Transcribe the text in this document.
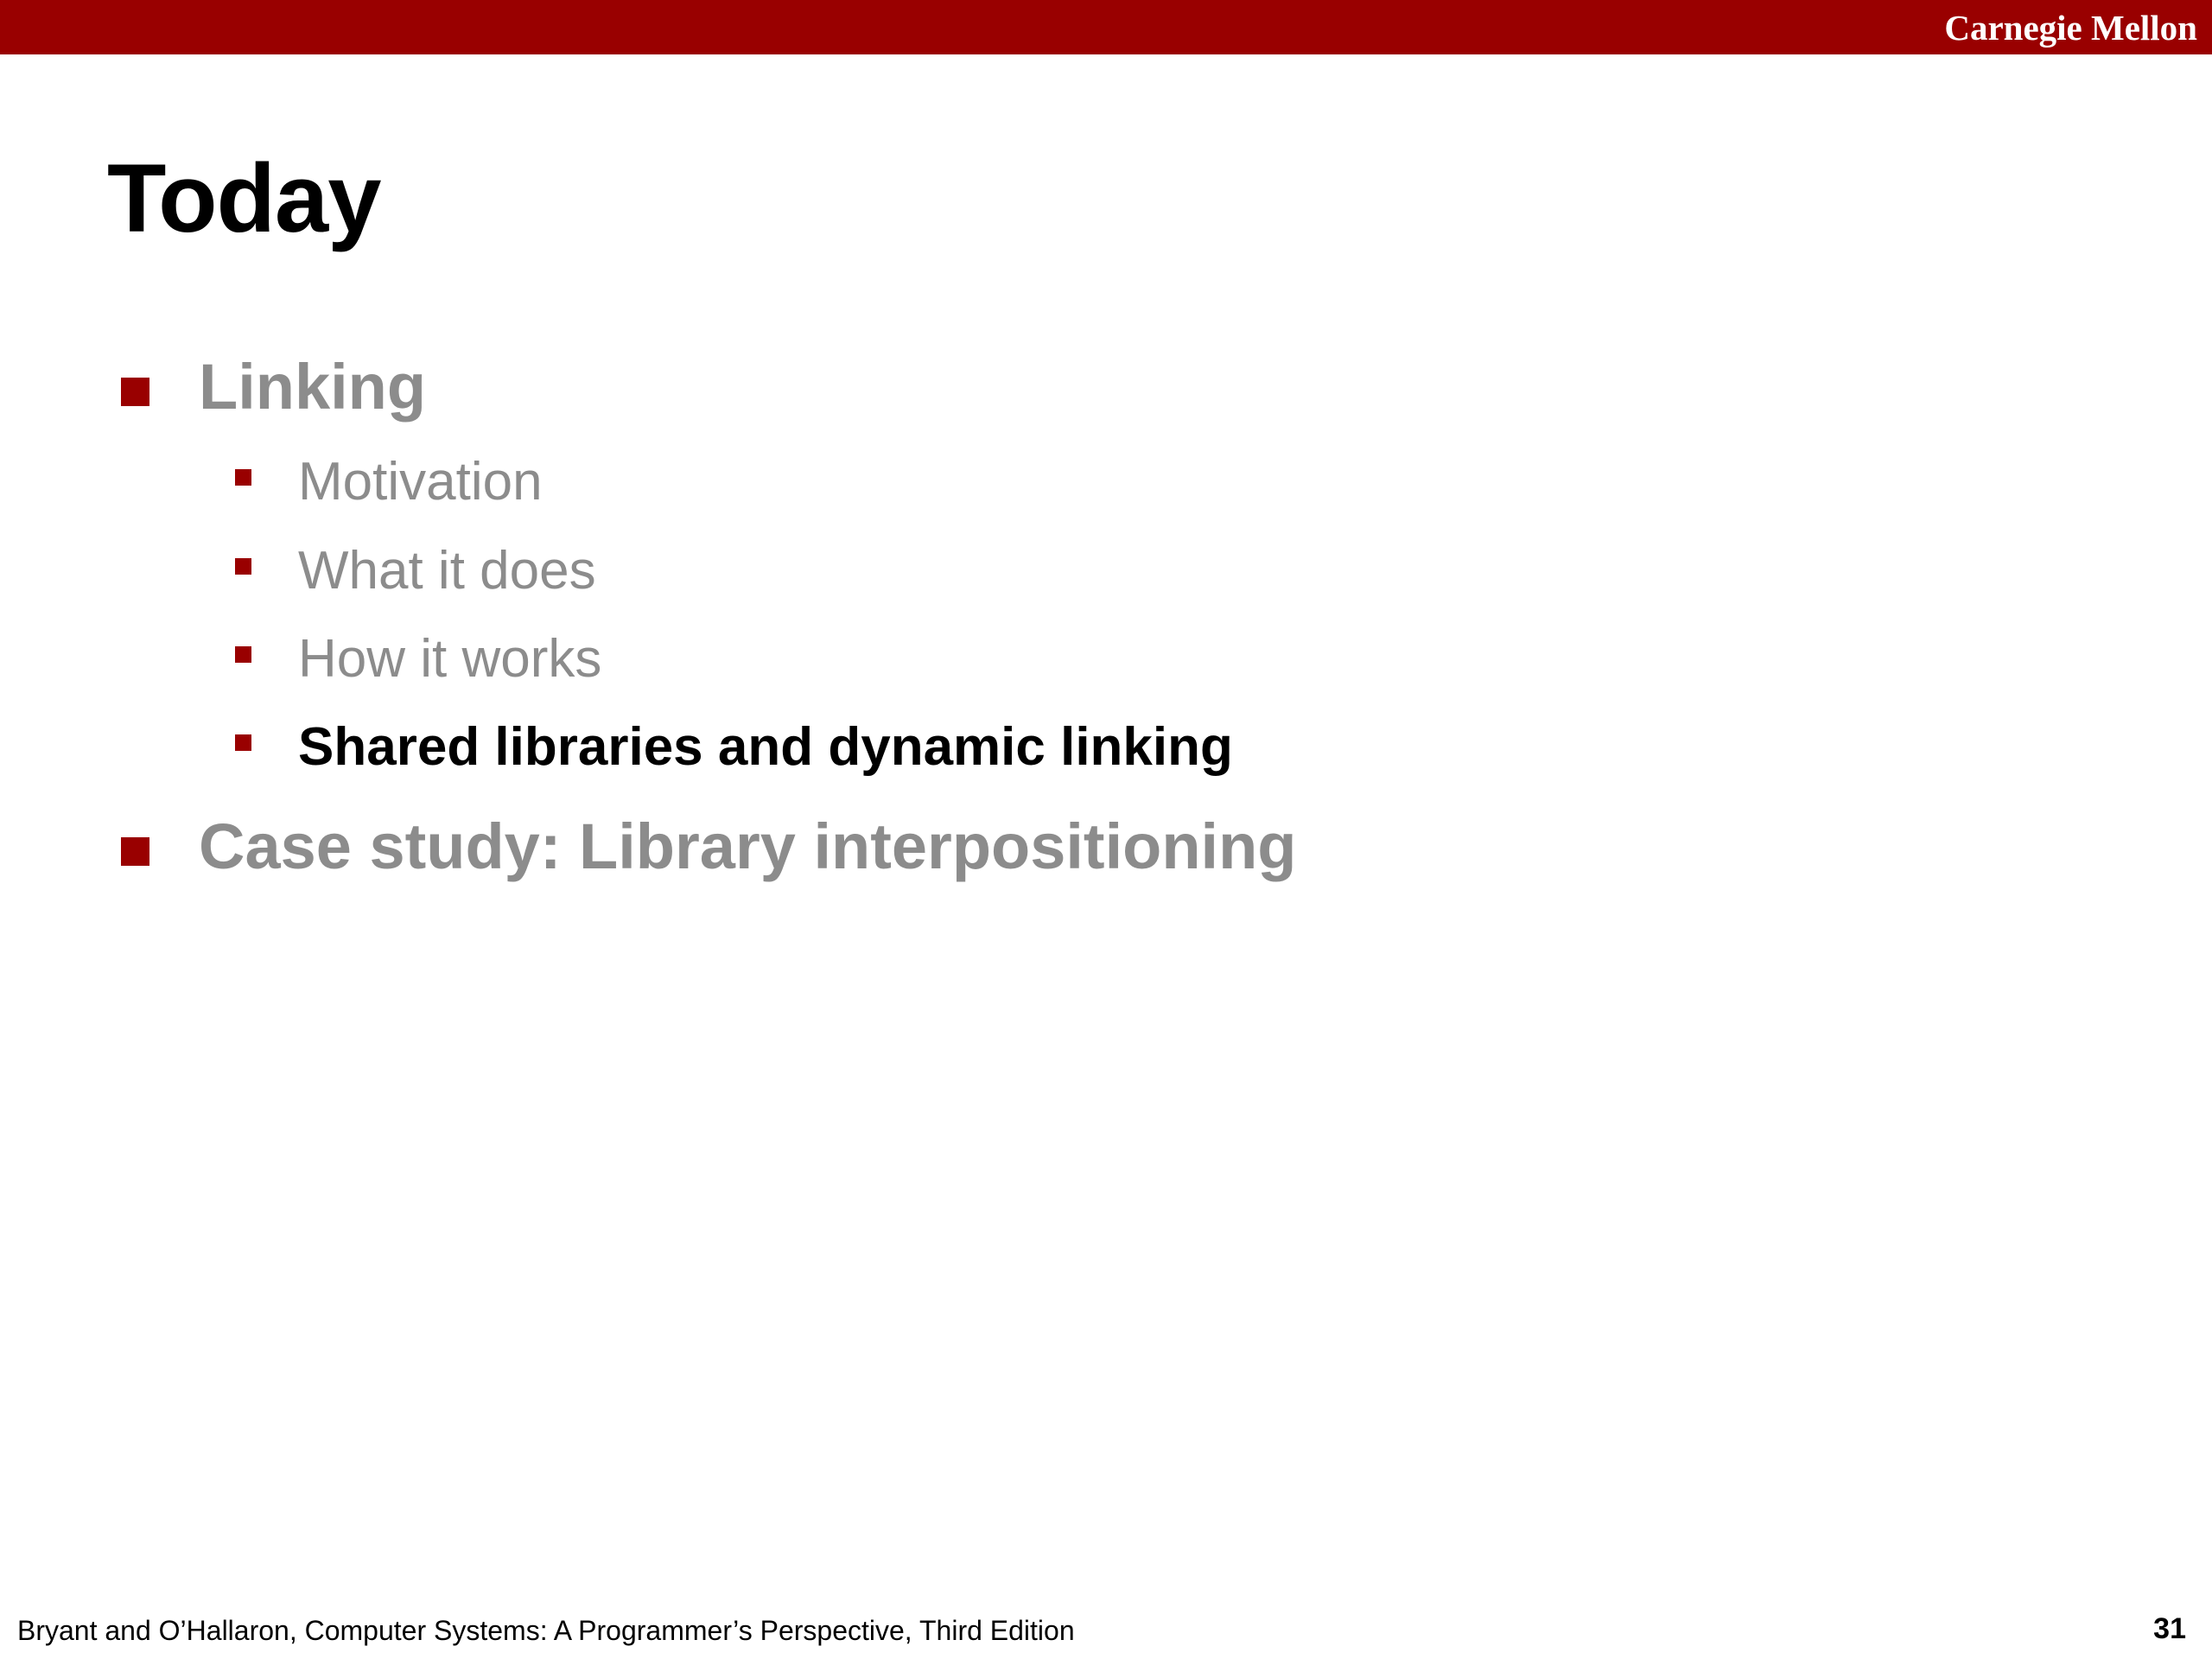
Carnegie Mellon
Today
Linking
Motivation
What it does
How it works
Shared libraries and dynamic linking
Case study: Library interpositioning
Bryant and O’Hallaron, Computer Systems: A Programmer’s Perspective, Third Edition	31
